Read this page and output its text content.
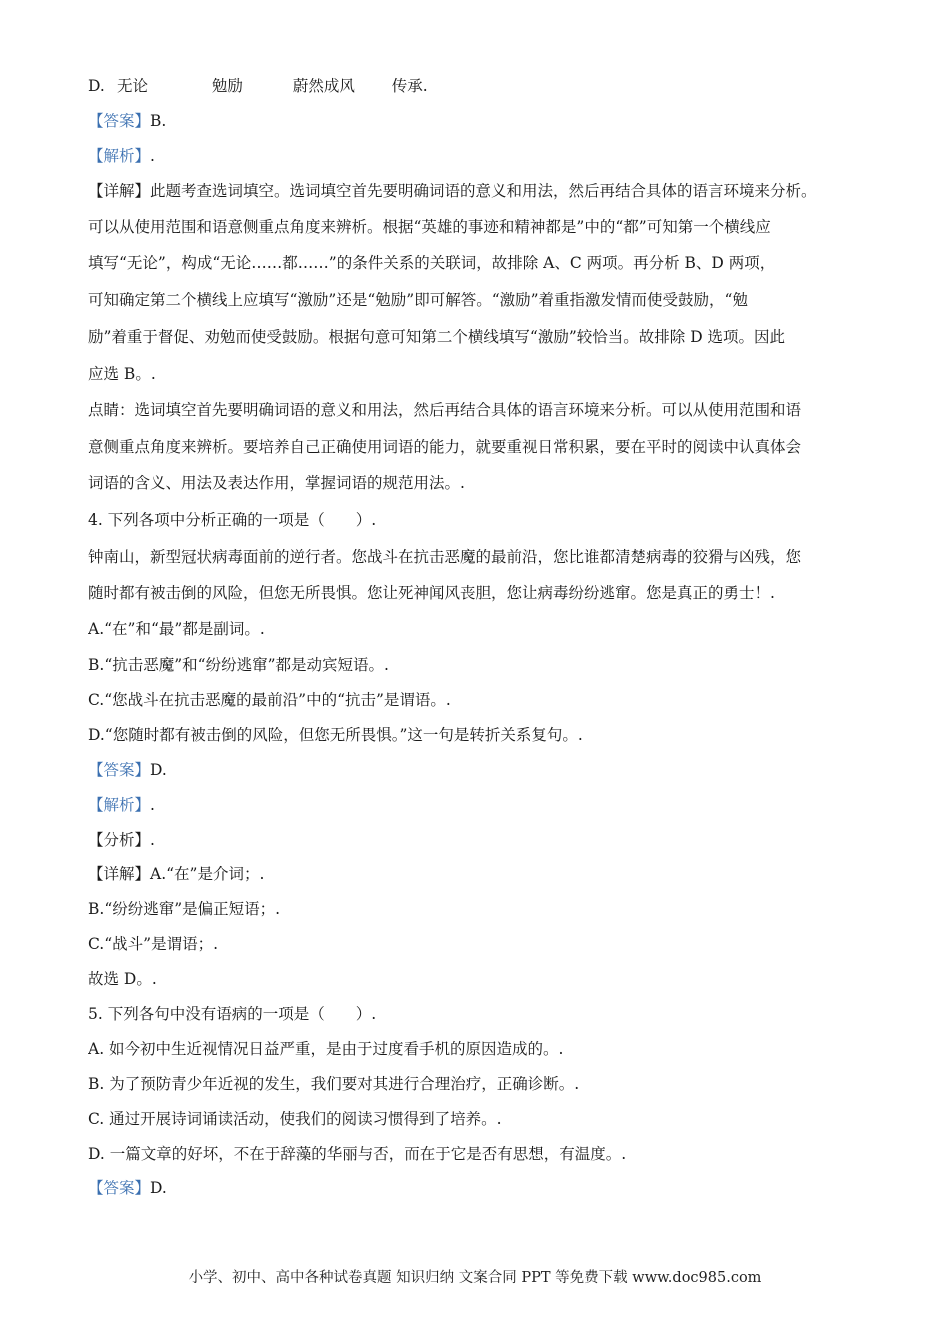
D. 无论	勉励	蔚然成风 传承.
【答案】B.
【解析】.
【详解】此题考查选词填空。选词填空首先要明确词语的意义和用法，然后再结合具体的语言环境来分析。
可以从使用范围和语意侧重点角度来辨析。根据“英雄的事迹和精神都是”中的“都”可知第一个横线应
填写“无论”，构成“无论……都……”的条件关系的关联词，故排除 A、C 两项。再分析 B、D 两项，
可知确定第二个横线上应填写“激励”还是“勉励”即可解答。“激励”着重指激发情而使受鼓励，“勉
励”着重于督促、劝勉而使受鼓励。根据句意可知第二个横线填写“激励”较恰当。故排除 D 选项。因此
应选 B。.
点睛：选词填空首先要明确词语的意义和用法，然后再结合具体的语言环境来分析。可以从使用范围和语
意侧重点角度来辨析。要培养自己正确使用词语的能力，就要重视日常积累，要在平时的阅读中认真体会
词语的含义、用法及表达作用，掌握词语的规范用法。.
4. 下列各项中分析正确的一项是（　　）.
钟南山，新型冠状病毒面前的逆行者。您战斗在抗击恶魔的最前沿，您比谁都清楚病毒的狡猾与凶残，您
随时都有被击倒的风险，但您无所畏惧。您让死神闻风丧胆，您让病毒纷纷逃窜。您是真正的勇士！.
A.“在”和“最”都是副词。.
B.“抗击恶魔”和“纷纷逃窜”都是动宾短语。.
C.“您战斗在抗击恶魔的最前沿”中的“抗击”是谓语。.
D.“您随时都有被击倒的风险，但您无所畏惧。”这一句是转折关系复句。.
【答案】D.
【解析】.
【分析】.
【详解】A.“在”是介词；.
B.“纷纷逃窜”是偏正短语；.
C.“战斗”是谓语；.
故选 D。.
5. 下列各句中没有语病的一项是（　　）.
A. 如今初中生近视情况日益严重，是由于过度看手机的原因造成的。.
B. 为了预防青少年近视的发生，我们要对其进行合理治疗，正确诊断。.
C. 通过开展诗词诵读活动，使我们的阅读习惯得到了培养。.
D. 一篇文章的好坏，不在于辞藻的华丽与否，而在于它是否有思想，有温度。.
【答案】D.
小学、初中、高中各种试卷真题 知识归纳 文案合同 PPT 等免费下载 www.doc985.com
